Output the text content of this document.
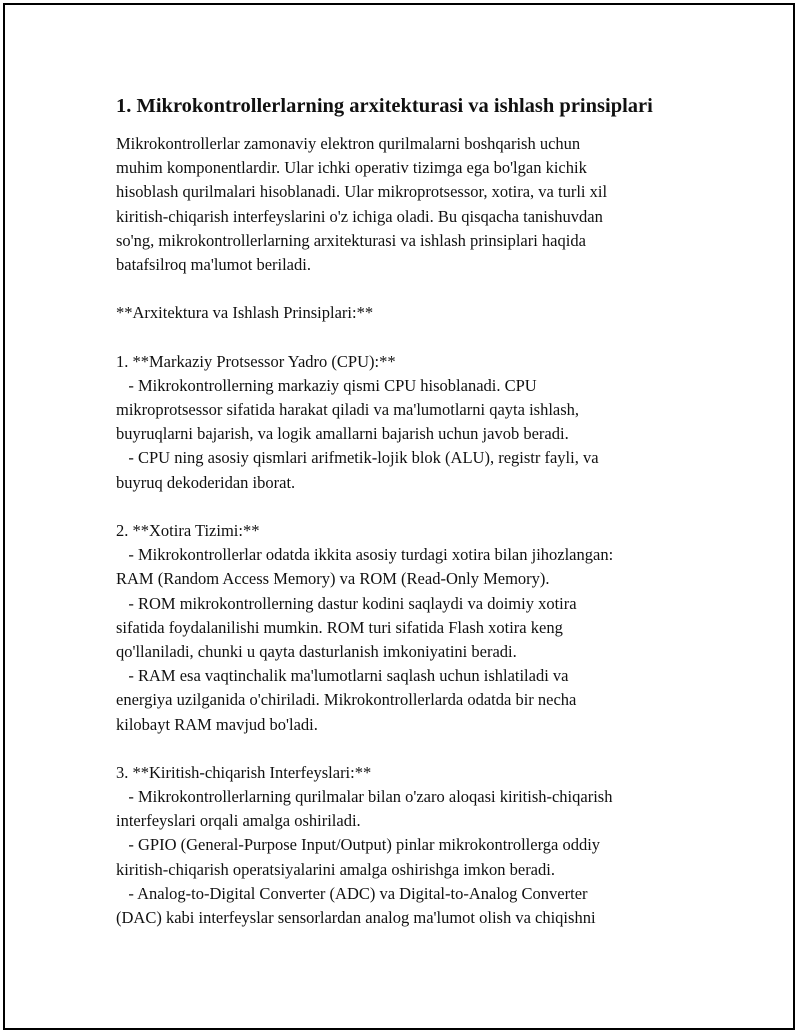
1. Mikrokontrollerlarning arxitekturasi va ishlash prinsiplari
Mikrokontrollerlar zamonaviy elektron qurilmalarni boshqarish uchun
muhim komponentlardir. Ular ichki operativ tizimga ega bo'lgan kichik
hisoblash qurilmalari hisoblanadi. Ular mikroprotsessor, xotira, va turli xil
kiritish-chiqarish interfeyslarini o'z ichiga oladi. Bu qisqacha tanishuvdan
so'ng, mikrokontrollerlarning arxitekturasi va ishlash prinsiplari haqida
batafsilroq ma'lumot beriladi.
**Arxitektura va Ishlash Prinsiplari:**
1. **Markaziy Protsessor Yadro (CPU):**
- Mikrokontrollerning markaziy qismi CPU hisoblanadi. CPU
mikroprotsessor sifatida harakat qiladi va ma'lumotlarni qayta ishlash,
buyruqlarni bajarish, va logik amallarni bajarish uchun javob beradi.
- CPU ning asosiy qismlari arifmetik-lojik blok (ALU), registr fayli, va
buyruq dekoderidan iborat.
2. **Xotira Tizimi:**
- Mikrokontrollerlar odatda ikkita asosiy turdagi xotira bilan jihozlangan:
RAM (Random Access Memory) va ROM (Read-Only Memory).
- ROM mikrokontrollerning dastur kodini saqlaydi va doimiy xotira
sifatida foydalanilishi mumkin. ROM turi sifatida Flash xotira keng
qo'llaniladi, chunki u qayta dasturlanish imkoniyatini beradi.
- RAM esa vaqtinchalik ma'lumotlarni saqlash uchun ishlatiladi va
energiya uzilganida o'chiriladi. Mikrokontrollerlarda odatda bir necha
kilobayt RAM mavjud bo'ladi.
3. **Kiritish-chiqarish Interfeyslari:**
- Mikrokontrollerlarning qurilmalar bilan o'zaro aloqasi kiritish-chiqarish
interfeyslari orqali amalga oshiriladi.
- GPIO (General-Purpose Input/Output) pinlar mikrokontrollerga oddiy
kiritish-chiqarish operatsiyalarini amalga oshirishga imkon beradi.
- Analog-to-Digital Converter (ADC) va Digital-to-Analog Converter
(DAC) kabi interfeyslar sensorlardan analog ma'lumot olish va chiqishni
